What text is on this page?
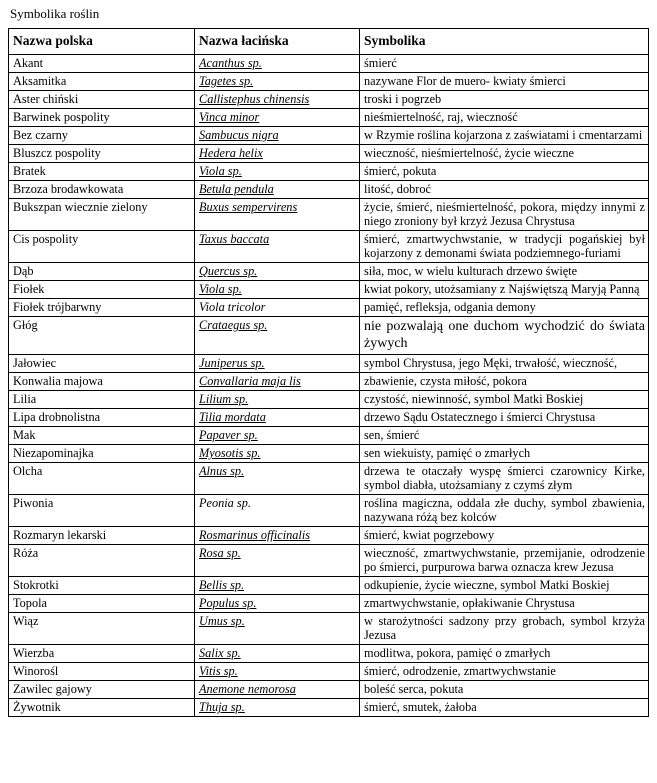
Symbolika roślin
Nazwa polska	Nazwa łacińska	Symbolika
Akant	Acanthus sp.	śmierć
Aksamitka	Tagetes sp.	nazywane Flor de muero- kwiaty śmierci
Aster chiński	Callistephus chinensis	troski i pogrzeb
Barwinek pospolity	Vinca minor	nieśmiertelność, raj, wieczność
Bez czarny	Sambucus nigra	w Rzymie roślina kojarzona z zaświatami i cmentarzami
Bluszcz pospolity	Hedera helix	wieczność, nieśmiertelność, życie wieczne
Bratek	Viola sp.	śmierć, pokuta
Brzoza brodawkowata	Betula pendula	litość, dobroć
Bukszpan wiecznie zielony	Buxus sempervirens	życie, śmierć, nieśmiertelność, pokora, między innymi z niego zroniony był krzyż Jezusa Chrystusa
Cis pospolity	Taxus baccata	śmierć, zmartwychwstanie, w tradycji pogańskiej był kojarzony z demonami świata podziemnego-furiami
Dąb	Quercus sp.	siła, moc, w wielu kulturach drzewo święte
Fiołek	Viola sp.	kwiat pokory, utożsamiany z Najświętszą Maryją Panną
Fiołek trójbarwny	Viola tricolor	pamięć, refleksja, odgania demony
Głóg	Crataegus sp.	nie pozwalają one duchom wychodzić do świata żywych
Jałowiec	Juniperus sp.	symbol Chrystusa, jego Męki, trwałość, wieczność,
Konwalia majowa	Convallaria maja lis	zbawienie, czysta miłość, pokora
Lilia	Lilium sp.	czystość, niewinność, symbol Matki Boskiej
Lipa drobnolistna	Tilia mordata	drzewo Sądu Ostatecznego i śmierci Chrystusa
Mak	Papaver sp.	sen, śmierć
Niezapominajka	Myosotis sp.	sen wiekuisty, pamięć o zmarłych
Olcha	Alnus sp.	drzewa te otaczały wyspę śmierci czarownicy Kirke, symbol diabła, utożsamiany z czymś złym
Piwonia	Peonia sp.	roślina magiczna, oddala złe duchy, symbol zbawienia, nazywana różą bez kolców
Rozmaryn lekarski	Rosmarinus officinalis	śmierć, kwiat pogrzebowy
Róża	Rosa sp.	wieczność, zmartwychwstanie, przemijanie, odrodzenie po śmierci, purpurowa barwa oznacza krew Jezusa
Stokrotki	Bellis sp.	odkupienie, życie wieczne, symbol Matki Boskiej
Topola	Populus sp.	zmartwychwstanie, opłakiwanie Chrystusa
Wiąz	Umus sp.	w starożytności sadzony przy grobach, symbol krzyża Jezusa
Wierzba	Salix sp.	modlitwa, pokora, pamięć o zmarłych
Winorośl	Vitis sp.	śmierć, odrodzenie, zmartwychwstanie
Zawilec gajowy	Anemone nemorosa	boleść serca, pokuta
Żywotnik	Thuja sp.	śmierć, smutek, żałoba
